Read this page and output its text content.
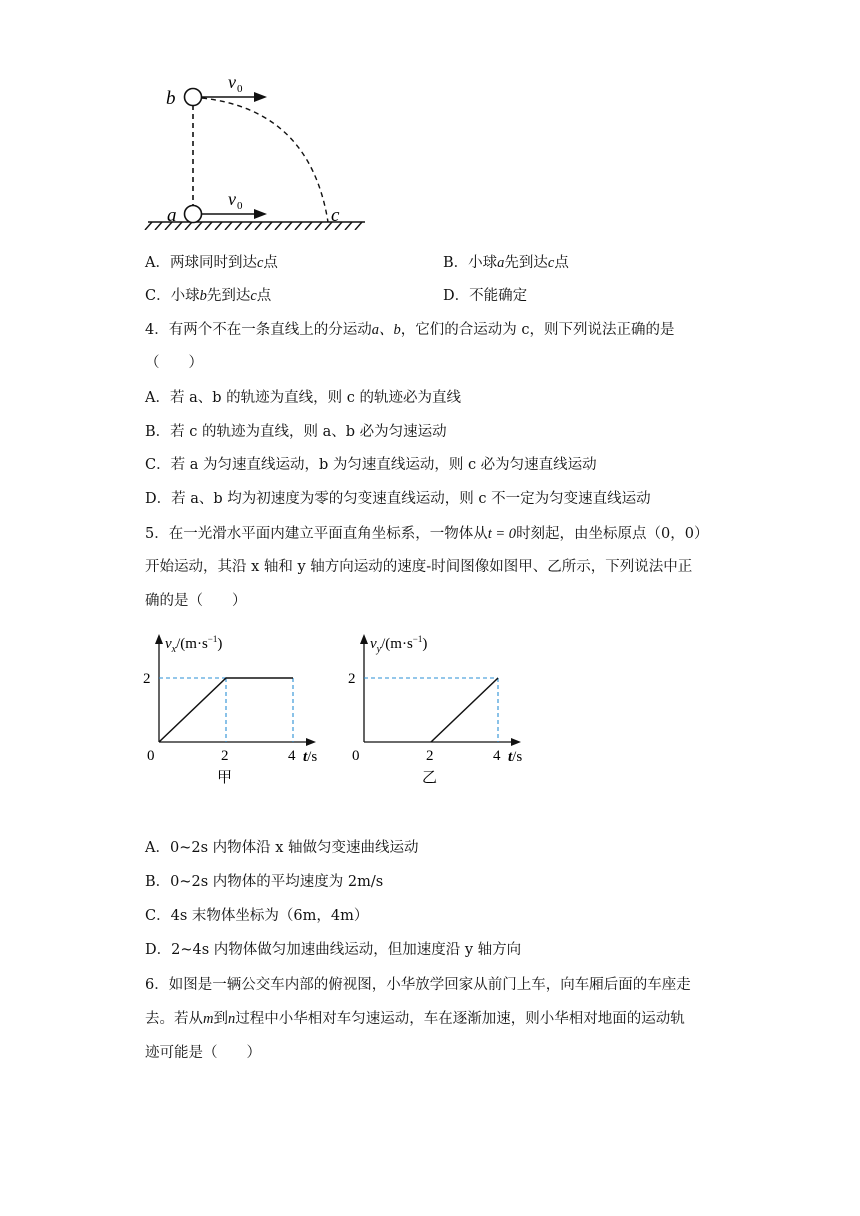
b
a	c
v 0
v 0
A．两球同时到达c点	B．小球a先到达c点
C．小球b先到达c点	D．不能确定
4．有两个不在一条直线上的分运动a、b，它们的合运动为 c，则下列说法正确的是
（　　）
A．若 a、b 的轨迹为直线，则 c 的轨迹必为直线
B．若 c 的轨迹为直线，则 a、b 必为匀速运动
C．若 a 为匀速直线运动，b 为匀速直线运动，则 c 必为匀速直线运动
D．若 a、b 均为初速度为零的匀变速直线运动，则 c 不一定为匀变速直线运动
5．在一光滑水平面内建立平面直角坐标系，一物体从t = 0时刻起，由坐标原点（0，0）
开始运动，其沿 x 轴和 y 轴方向运动的速度-时间图像如图甲、乙所示，下列说法中正
确的是（　　）
$v_x/(m\cdot s^{-1})$
t/s
0	2	4
2
甲
$v_y/(m\cdot s^{-1})$
t/s
0	2	4
2
乙
A．0~2s 内物体沿 x 轴做匀变速曲线运动
B．0~2s 内物体的平均速度为 2m/s
C．4s 末物体坐标为（6m，4m）
D．2~4s 内物体做匀加速曲线运动，但加速度沿 y 轴方向
6．如图是一辆公交车内部的俯视图，小华放学回家从前门上车，向车厢后面的车座走
去。若从m到n过程中小华相对车匀速运动，车在逐渐加速，则小华相对地面的运动轨
迹可能是（　　）
